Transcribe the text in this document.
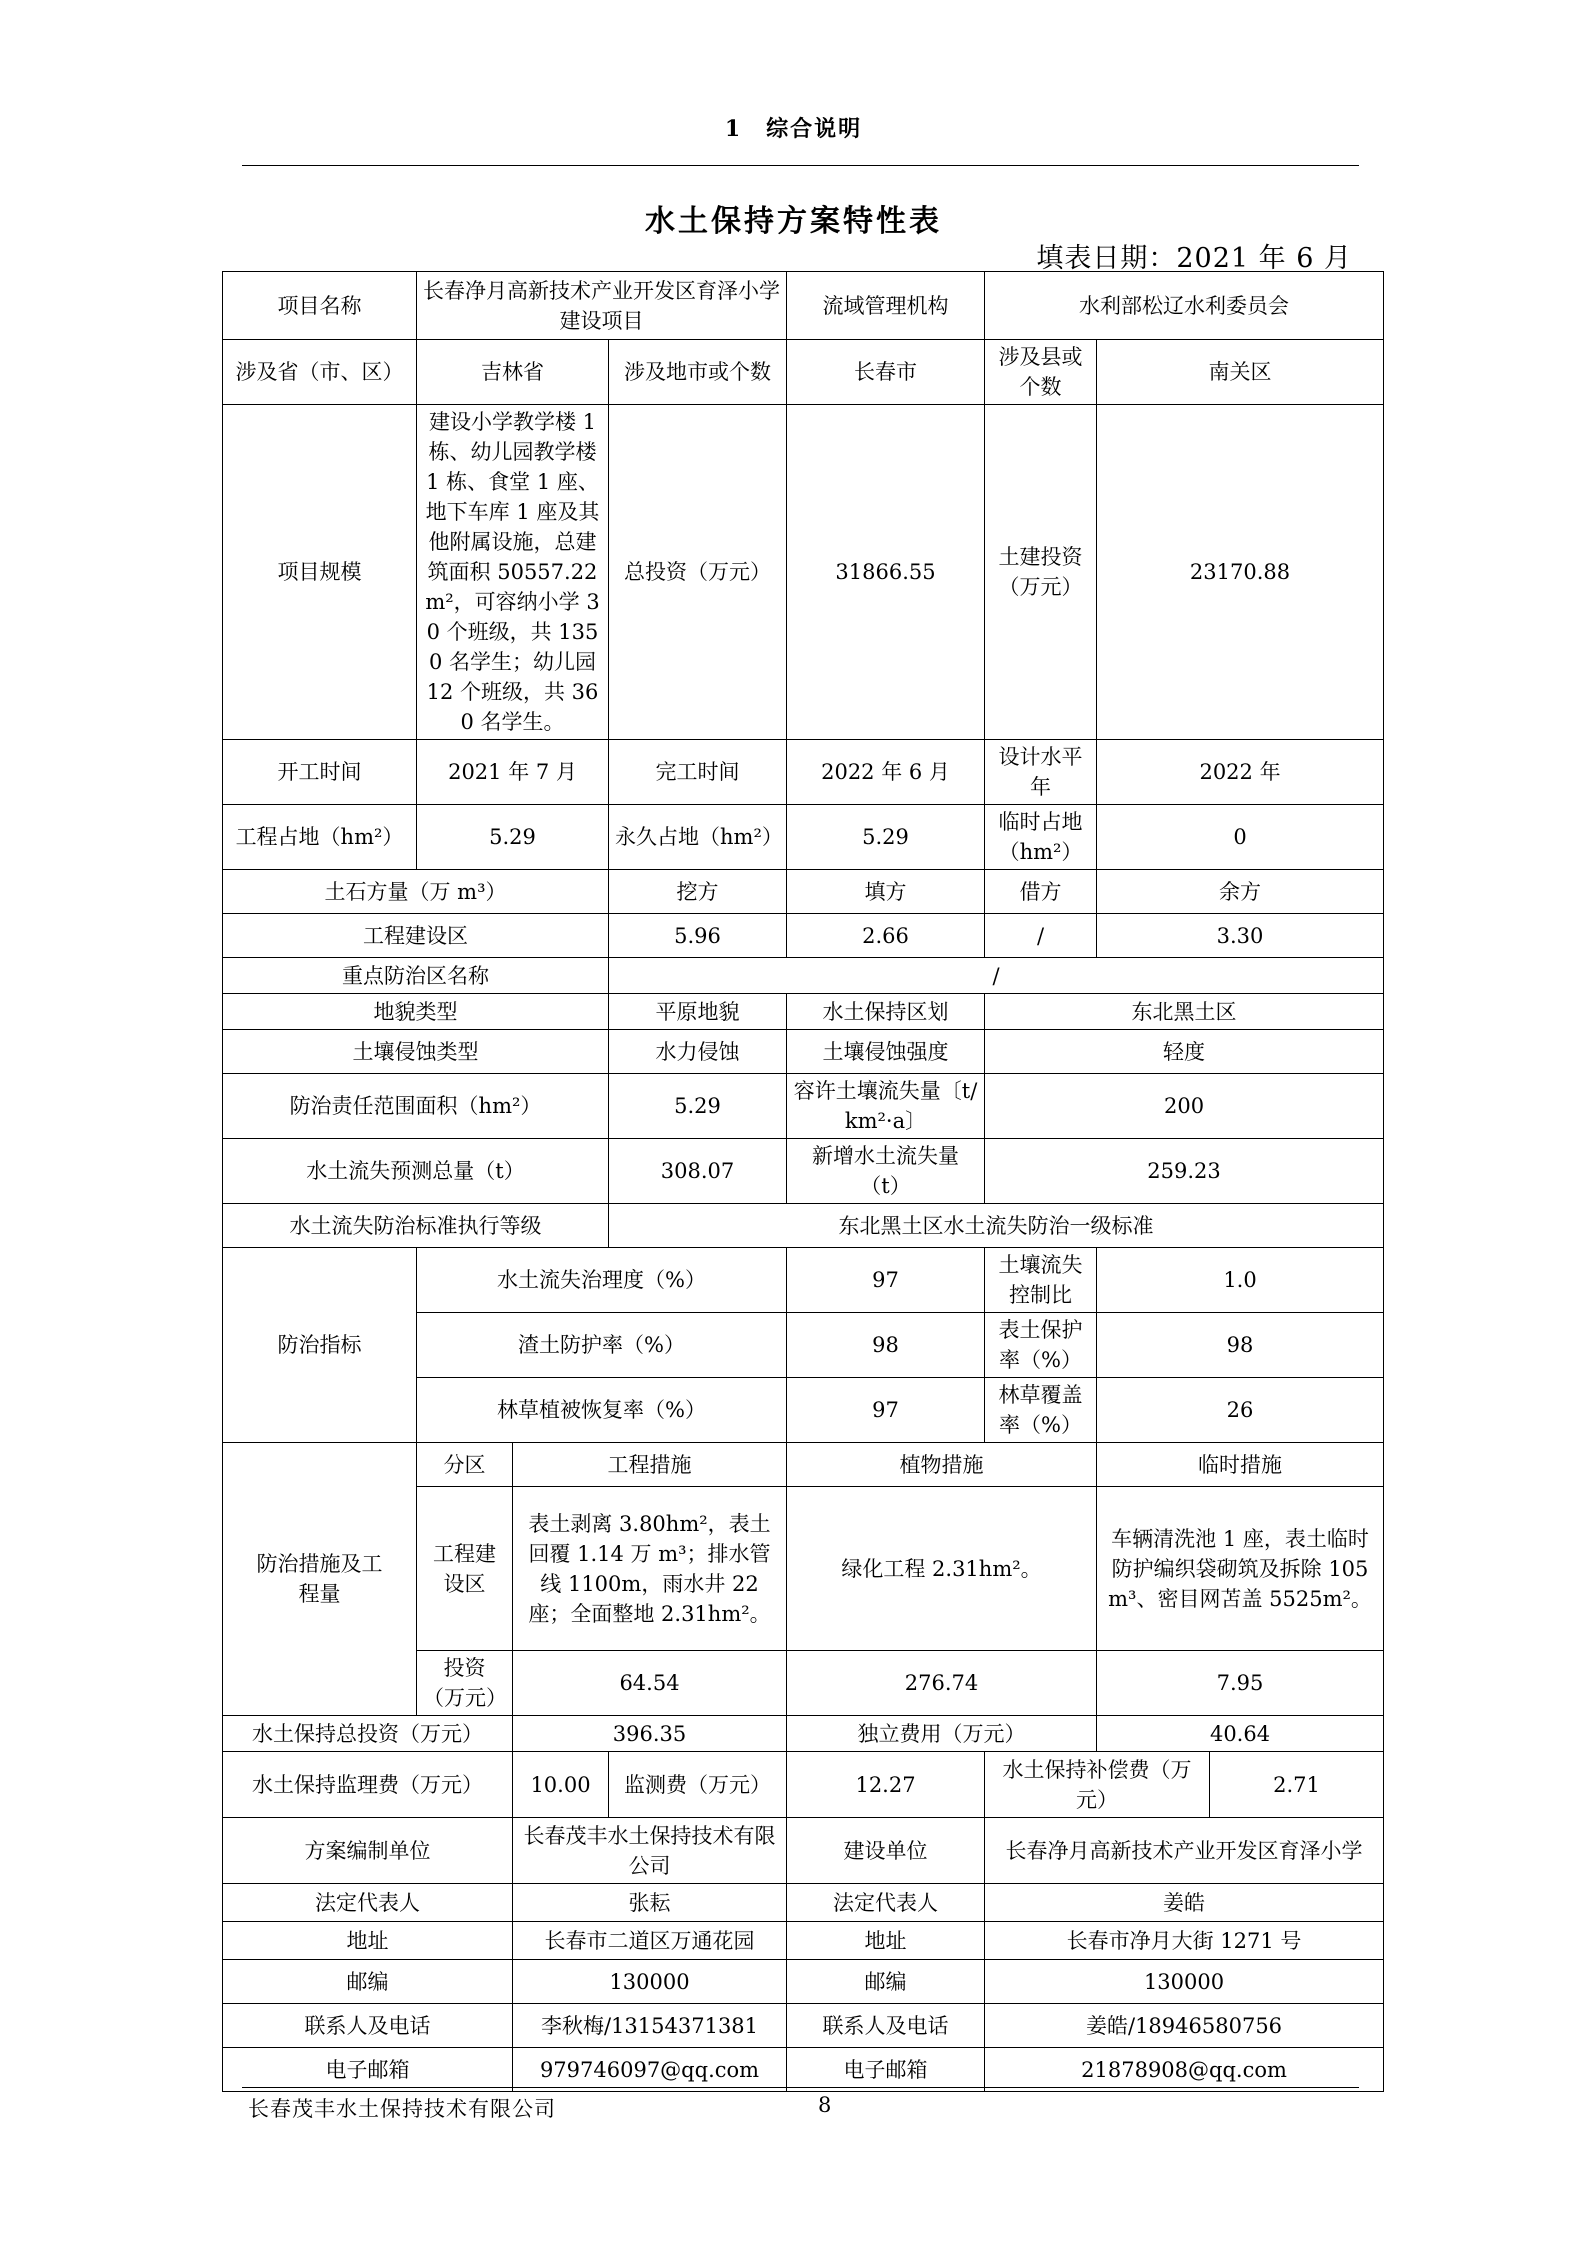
1　综合说明
水土保持方案特性表
填表日期：2021 年 6 月
项目名称	长春净月高新技术产业开发区育泽小学建设项目			流域管理机构	水利部松辽水利委员会		
涉及省（市、区）	吉林省		涉及地市或个数	长春市	涉及县或个数	南关区	
项目规模	建设小学教学楼 1 栋、幼儿园教学楼 1 栋、食堂 1 座、地下车库 1 座及其他附属设施，总建筑面积 50557.22m²，可容纳小学 30 个班级，共 1350 名学生；幼儿园 12 个班级，共 360 名学生。		总投资（万元）	31866.55	土建投资（万元）	23170.88	
开工时间	2021 年 7 月		完工时间	2022 年 6 月	设计水平年	2022 年	
工程占地（hm²）	5.29		永久占地（hm²）	5.29	临时占地（hm²）	0	
土石方量（万 m³）			挖方	填方	借方	余方	
工程建设区			5.96	2.66	/	3.30	
重点防治区名称			/				
地貌类型			平原地貌	水土保持区划	东北黑土区		
土壤侵蚀类型			水力侵蚀	土壤侵蚀强度	轻度		
防治责任范围面积（hm²）			5.29	容许土壤流失量〔t/km²·a〕	200		
水土流失预测总量（t）			308.07	新增水土流失量（t）	259.23		
水土流失防治标准执行等级			东北黑土区水土流失防治一级标准				
防治指标	水土流失治理度（%）			97	土壤流失控制比	1.0	
	渣土防护率（%）			98	表土保护率（%）	98	
	林草植被恢复率（%）			97	林草覆盖率（%）	26	
防治措施及工程量	分区	工程措施		植物措施		临时措施	
	工程建设区	表土剥离 3.80hm²，表土回覆 1.14 万 m³；排水管线 1100m，雨水井 22 座；全面整地 2.31hm²。		绿化工程 2.31hm²。		车辆清洗池 1 座，表土临时防护编织袋砌筑及拆除 105m³、密目网苫盖 5525m²。	
	投资（万元）	64.54		276.74		7.95	
水土保持总投资（万元）		396.35		独立费用（万元）		40.64	
水土保持监理费（万元）		10.00	监测费（万元）	12.27	水土保持补偿费（万元）		2.71
方案编制单位		长春茂丰水土保持技术有限公司		建设单位	长春净月高新技术产业开发区育泽小学		
法定代表人		张耘		法定代表人	姜皓		
地址		长春市二道区万通花园		地址	长春市净月大街 1271 号		
邮编		130000		邮编	130000		
联系人及电话		李秋梅/13154371381		联系人及电话	姜皓/18946580756		
电子邮箱		979746097@qq.com		电子邮箱	21878908@qq.com		
长春茂丰水土保持技术有限公司	8
